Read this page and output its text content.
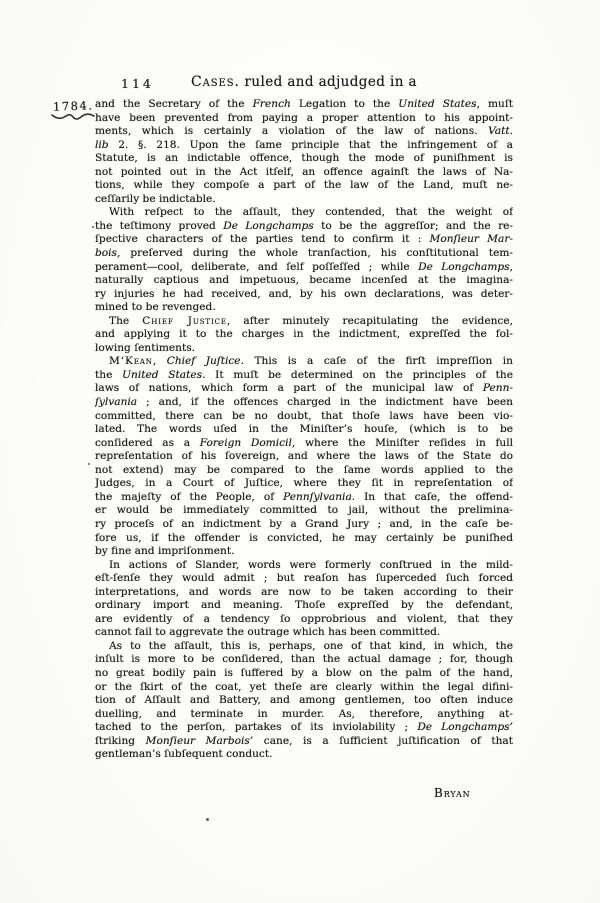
114	Cases. ruled and adjudged in a
1784. and the Secretary of the French Legation to the United States, muſt
have been prevented from paying a proper attention to his appoint-
ments, which is certainly a violation of the law of nations. Vatt.
lib 2. §. 218. Upon the ſame principle that the infringement of a
Statute, is an indictable offence, though the mode of puniſhment is
not pointed out in the Act itſelf, an offence againſt the laws of Na-
tions, while they compoſe a part of the law of the Land, muſt ne-
ceſſarily be indictable.
With reſpect to the aſſault, they contended, that the weight of
the teſtimony proved De Longchamps to be the aggreſſor; and the re-
ſpective characters of the parties tend to confirm it : Monſieur Mar-
bois, preſerved during the whole tranſaction, his conſtitutional tem-
perament—cool, deliberate, and ſelf poſſeſſed ; while De Longchamps,
naturally captious and impetuous, became incenſed at the imagina-
ry injuries he had received, and, by his own declarations, was deter-
mined to be revenged.
The Chief Justice, after minutely recapitulating the evidence,
and applying it to the charges in the indictment, expreſſed the fol-
lowing ſentiments.
M‘Kean, Chief Juſtice. This is a caſe of the firſt impreſſion in
the United States. It muſt be determined on the principles of the
laws of nations, which form a part of the municipal law of Penn-
ſylvania ; and, if the offences charged in the indictment have been
committed, there can be no doubt, that thoſe laws have been vio-
lated. The words uſed in the Miniſter’s houſe, (which is to be
conſidered as a Foreign Domicil, where the Miniſter reſides in full
repreſentation of his ſovereign, and where the laws of the State do
not extend) may be compared to the ſame words applied to the
Judges, in a Court of Juſtice, where they ſit in repreſentation of
the majeſty of the People, of Pennſylvania. In that caſe, the offend-
er would be immediately committed to jail, without the prelimina-
ry proceſs of an indictment by a Grand Jury ; and, in the caſe be-
fore us, if the offender is convicted, he may certainly be puniſhed
by fine and impriſonment.
In actions of Slander, words were formerly conſtrued in the mild-
eſt-ſenſe they would admit ; but reaſon has ſuperceded ſuch forced
interpretations, and words are now to be taken according to their
ordinary import and meaning. Thoſe expreſſed by the defendant,
are evidently of a tendency ſo opprobrious and violent, that they
cannot fail to aggrevate the outrage which has been committed.
As to the aſſault, this is, perhaps, one of that kind, in which, the
inſult is more to be conſidered, than the actual damage ; for, though
no great bodily pain is ſuffered by a blow on the palm of the hand,
or the ſkirt of the coat, yet theſe are clearly within the legal difini-
tion of Aſſault and Battery, and among gentlemen, too often induce
duelling, and terminate in murder. As, therefore, anything at-
tached to the perſon, partakes of its inviolability ; De Longchamps’
ſtriking Monſieur Marbois’ cane, is a ſufficient juſtification of that
gentleman’s ſubſequent conduct.
Bryan
